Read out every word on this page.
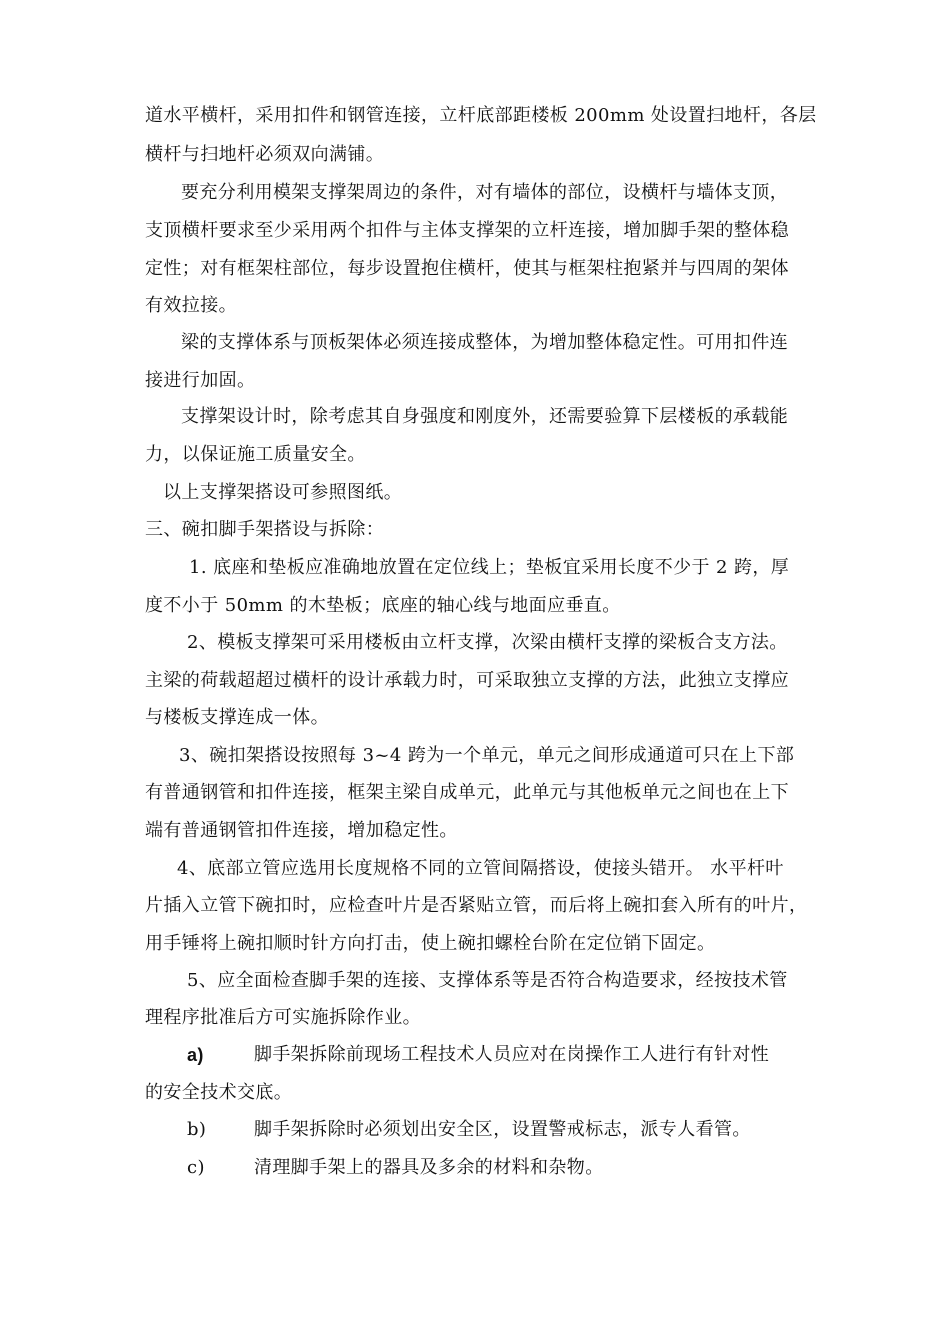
道水平横杆，采用扣件和钢管连接，立杆底部距楼板 200mm 处设置扫地杆，各层
横杆与扫地杆必须双向满铺。
要充分利用模架支撑架周边的条件，对有墙体的部位，设横杆与墙体支顶，
支顶横杆要求至少采用两个扣件与主体支撑架的立杆连接，增加脚手架的整体稳
定性；对有框架柱部位，每步设置抱住横杆，使其与框架柱抱紧并与四周的架体
有效拉接。
梁的支撑体系与顶板架体必须连接成整体，为增加整体稳定性。可用扣件连
接进行加固。
支撑架设计时，除考虑其自身强度和刚度外，还需要验算下层楼板的承载能
力，以保证施工质量安全。
以上支撑架搭设可参照图纸。
三、碗扣脚手架搭设与拆除：
1. 底座和垫板应准确地放置在定位线上；垫板宜采用长度不少于 2 跨，厚
度不小于 50mm 的木垫板；底座的轴心线与地面应垂直。
2、模板支撑架可采用楼板由立杆支撑，次梁由横杆支撑的梁板合支方法。
主梁的荷载超超过横杆的设计承载力时，可采取独立支撑的方法，此独立支撑应
与楼板支撑连成一体。
3、碗扣架搭设按照每 3~4 跨为一个单元，单元之间形成通道可只在上下部
有普通钢管和扣件连接，框架主梁自成单元，此单元与其他板单元之间也在上下
端有普通钢管扣件连接，增加稳定性。
4、底部立管应选用长度规格不同的立管间隔搭设，使接头错开。 水平杆叶
片插入立管下碗扣时，应检查叶片是否紧贴立管，而后将上碗扣套入所有的叶片，
用手锤将上碗扣顺时针方向打击，使上碗扣螺栓台阶在定位销下固定。
5、应全面检查脚手架的连接、支撑体系等是否符合构造要求，经按技术管
理程序批准后方可实施拆除作业。
a)	脚手架拆除前现场工程技术人员应对在岗操作工人进行有针对性
的安全技术交底。
b)	脚手架拆除时必须划出安全区，设置警戒标志，派专人看管。
c)	清理脚手架上的器具及多余的材料和杂物。
